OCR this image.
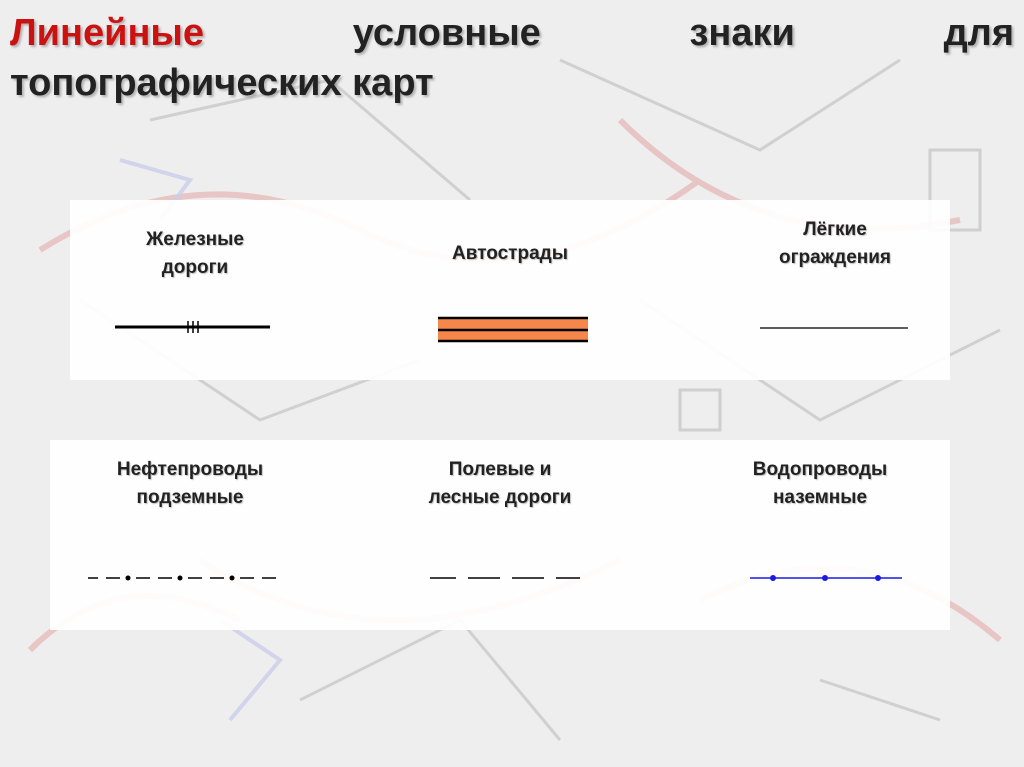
Линейные	условные	знаки	для
топографических карт
Железные
дороги
Автострады
Лёгкие
ограждения
Нефтепроводы
подземные
Полевые и
лесные дороги
Водопроводы
наземные
